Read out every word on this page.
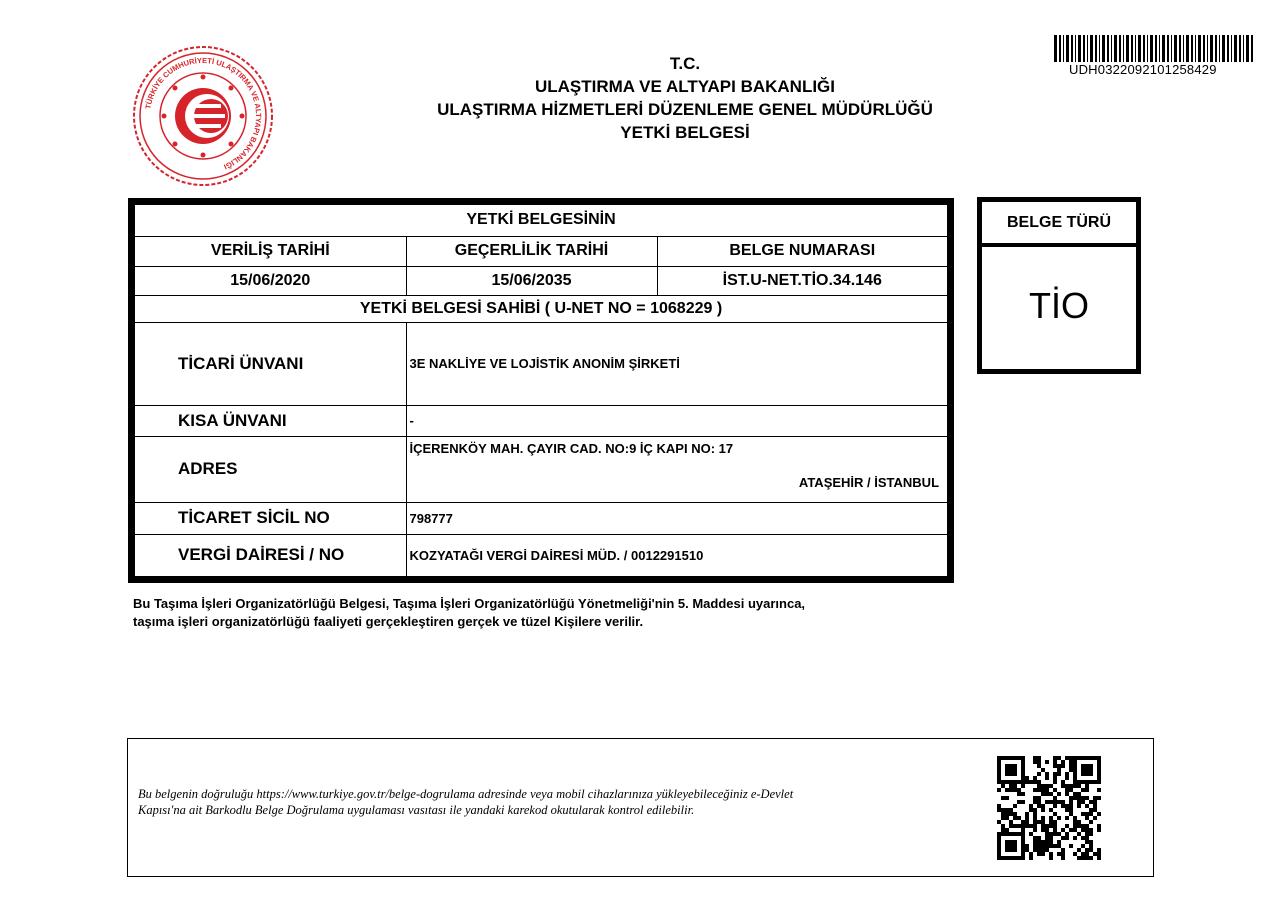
TÜRKİYE CUMHURİYETİ ULAŞTIRMA VE ALTYAPI BAKANLIĞI
T.C.
ULAŞTIRMA VE ALTYAPI BAKANLIĞI
ULAŞTIRMA HİZMETLERİ DÜZENLEME GENEL MÜDÜRLÜĞÜ
YETKİ BELGESİ
UDH0322092101258429
YETKİ BELGESİNİN		
VERİLİŞ TARİHİ	GEÇERLİLİK TARİHİ	BELGE NUMARASI
15/06/2020	15/06/2035	İST.U-NET.TİO.34.146
YETKİ BELGESİ SAHİBİ ( U-NET NO = 1068229 )		
TİCARİ ÜNVANI	3E NAKLİYE VE LOJİSTİK ANONİM ŞİRKETİ	
KISA ÜNVANI	-	
ADRES	İÇERENKÖY MAH. ÇAYIR CAD. NO:9 İÇ KAPI NO: 17
ATAŞEHİR / İSTANBUL	

TİCARET SİCİL NO	798777	
VERGİ DAİRESİ / NO	KOZYATAĞI VERGİ DAİRESİ MÜD. / 0012291510	
BELGE TÜRÜ
TİO
Bu Taşıma İşleri Organizatörlüğü Belgesi, Taşıma İşleri Organizatörlüğü Yönetmeliği'nin 5. Maddesi uyarınca,
taşıma işleri organizatörlüğü faaliyeti gerçekleştiren gerçek ve tüzel Kişilere verilir.
Bu belgenin doğruluğu https://www.turkiye.gov.tr/belge-dogrulama adresinde veya mobil cihazlarınıza yükleyebileceğiniz e-Devlet
Kapısı'na ait Barkodlu Belge Doğrulama uygulaması vasıtası ile yandaki karekod okutularak kontrol edilebilir.
